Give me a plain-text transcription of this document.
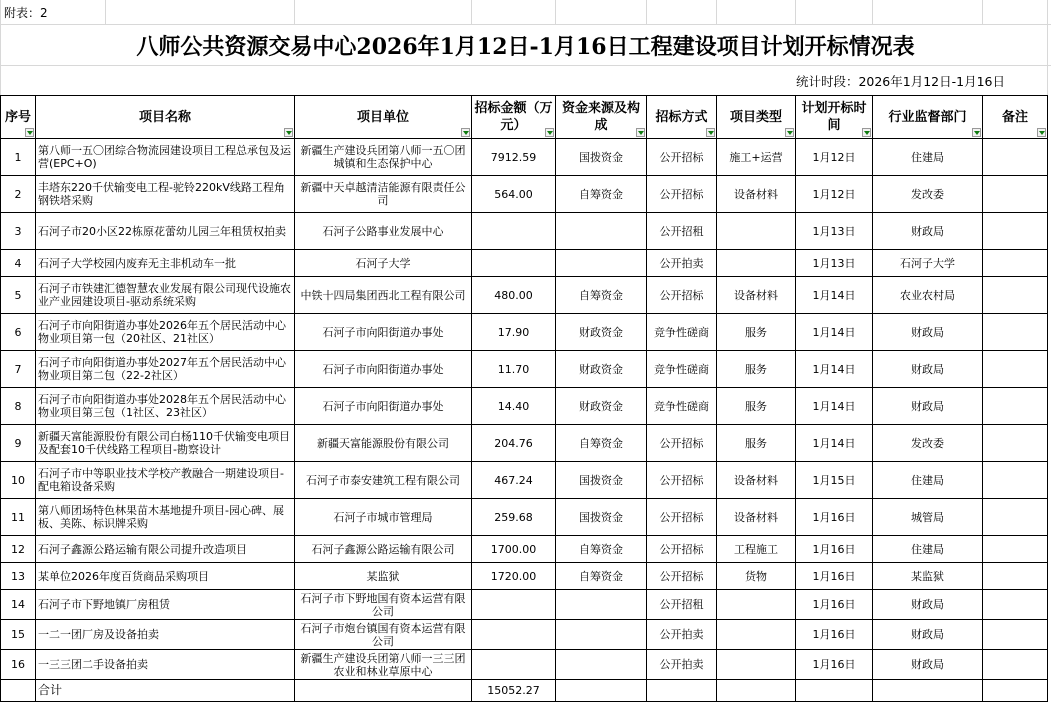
附表：2
八师公共资源交易中心2026年1月12日-1月16日工程建设项目计划开标情况表
统计时段：2026年1月12日-1月16日
序号	项目名称	项目单位	招标金额（万元）	资金来源及构成	招标方式	项目类型	计划开标时间	行业监督部门	备注

1	第八师一五〇团综合物流园建设项目工程总承包及运营(EPC+O)	新疆生产建设兵团第八师一五〇团城镇和生态保护中心	7912.59	国拨资金	公开招标	施工+运营	1月12日	住建局	
2	丰塔东220千伏输变电工程-驼铃220kV线路工程角钢铁塔采购	新疆中天卓越清洁能源有限责任公司	564.00	自筹资金	公开招标	设备材料	1月12日	发改委	
3	石河子市20小区22栋原花蕾幼儿园三年租赁权拍卖	石河子公路事业发展中心			公开招租		1月13日	财政局	
4	石河子大学校园内废弃无主非机动车一批	石河子大学			公开拍卖		1月13日	石河子大学	
5	石河子市铁建汇德智慧农业发展有限公司现代设施农业产业园建设项目-驱动系统采购	中铁十四局集团西北工程有限公司	480.00	自筹资金	公开招标	设备材料	1月14日	农业农村局	
6	石河子市向阳街道办事处2026年五个居民活动中心物业项目第一包（20社区、21社区）	石河子市向阳街道办事处	17.90	财政资金	竞争性磋商	服务	1月14日	财政局	
7	石河子市向阳街道办事处2027年五个居民活动中心物业项目第二包（22-2社区）	石河子市向阳街道办事处	11.70	财政资金	竞争性磋商	服务	1月14日	财政局	
8	石河子市向阳街道办事处2028年五个居民活动中心物业项目第三包（1社区、23社区）	石河子市向阳街道办事处	14.40	财政资金	竞争性磋商	服务	1月14日	财政局	
9	新疆天富能源股份有限公司白杨110千伏输变电项目及配套10千伏线路工程项目-勘察设计	新疆天富能源股份有限公司	204.76	自筹资金	公开招标	服务	1月14日	发改委	
10	石河子市中等职业技术学校产教融合一期建设项目-配电箱设备采购	石河子市泰安建筑工程有限公司	467.24	国拨资金	公开招标	设备材料	1月15日	住建局	
11	第八师团场特色林果苗木基地提升项目-园心碑、展板、美陈、标识牌采购	石河子市城市管理局	259.68	国拨资金	公开招标	设备材料	1月16日	城管局	
12	石河子鑫源公路运输有限公司提升改造项目	石河子鑫源公路运输有限公司	1700.00	自筹资金	公开招标	工程施工	1月16日	住建局	
13	某单位2026年度百货商品采购项目	某监狱	1720.00	自筹资金	公开招标	货物	1月16日	某监狱	
14	石河子市下野地镇厂房租赁	石河子市下野地国有资本运营有限公司			公开招租		1月16日	财政局	
15	一二一团厂房及设备拍卖	石河子市炮台镇国有资本运营有限公司			公开拍卖		1月16日	财政局	
16	一三三团二手设备拍卖	新疆生产建设兵团第八师一三三团农业和林业草原中心			公开拍卖		1月16日	财政局	
	合计		15052.27						
